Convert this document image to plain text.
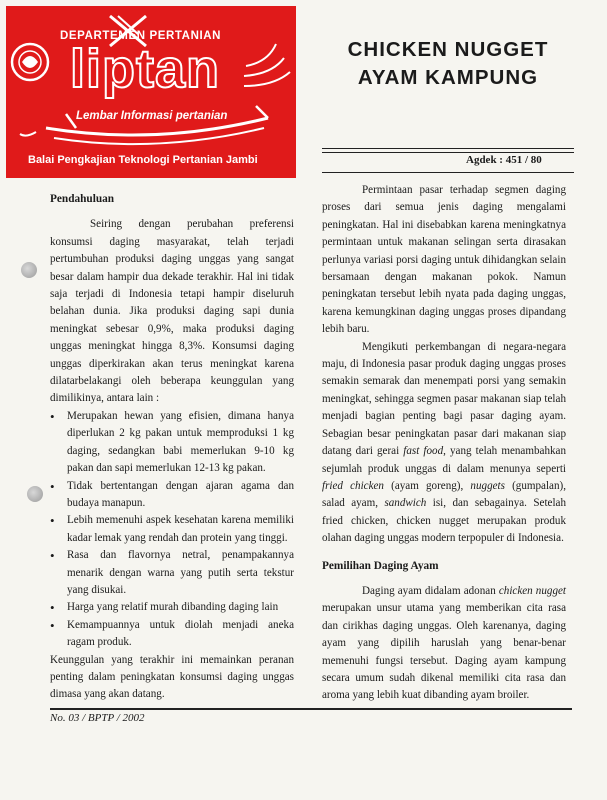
DEPARTEMEN PERTANIAN
liptan
Lembar Informasi pertanian
Balai Pengkajian Teknologi Pertanian Jambi
CHICKEN NUGGET
AYAM KAMPUNG
Agdek : 451 / 80
Pendahuluan

Seiring dengan perubahan preferensi konsumsi daging masyarakat, telah terjadi pertumbuhan produksi daging unggas yang sangat besar dalam hampir dua dekade terakhir. Hal ini tidak saja terjadi di Indonesia tetapi hampir diseluruh belahan dunia. Jika produksi daging sapi dunia meningkat sebesar 0,9%, maka produksi daging unggas meningkat hingga 8,3%. Konsumsi daging unggas diperkirakan akan terus meningkat karena dilatarbelakangi oleh beberapa keunggulan yang dimilikinya, antara lain :

• Merupakan hewan yang efisien, dimana hanya diperlukan 2 kg pakan untuk memproduksi 1 kg daging, sedangkan babi memerlukan 9-10 kg pakan dan sapi memerlukan 12-13 kg pakan.
• Tidak bertentangan dengan ajaran agama dan budaya manapun.
• Lebih memenuhi aspek kesehatan karena memiliki kadar lemak yang rendah dan protein yang tinggi.
• Rasa dan flavornya netral, penampakannya menarik dengan warna yang putih serta tekstur yang disukai.
• Harga yang relatif murah dibanding daging lain
• Kemampuannya untuk diolah menjadi aneka ragam produk.

Keunggulan yang terakhir ini memainkan peranan penting dalam peningkatan konsumsi daging unggas dimasa yang akan datang.

Permintaan pasar terhadap segmen daging proses dari semua jenis daging mengalami peningkatan. Hal ini disebabkan karena meningkatnya permintaan untuk makanan selingan serta dirasakan perlunya variasi porsi daging untuk dihidangkan selain bersamaan dengan makanan pokok. Namun peningkatan tersebut lebih nyata pada daging unggas, karena kemungkinan daging unggas proses dipandang lebih baru.

Mengikuti perkembangan di negara-negara maju, di Indonesia pasar produk daging unggas proses semakin semarak dan menempati porsi yang semakin meningkat, sehingga segmen pasar makanan siap telah menjadi bagian penting bagi pasar daging ayam. Sebagian besar peningkatan pasar dari makanan siap datang dari gerai fast food, yang telah menambahkan sejumlah produk unggas di dalam menunya seperti fried chicken (ayam goreng), nuggets (gumpalan), salad ayam, sandwich isi, dan sebagainya. Setelah fried chicken, chicken nugget merupakan produk olahan daging unggas modern terpopuler di Indonesia.

Pemilihan Daging Ayam

Daging ayam didalam adonan chicken nugget merupakan unsur utama yang memberikan cita rasa dan cirikhas daging unggas. Oleh karenanya, daging ayam yang dipilih haruslah yang benar-benar memenuhi fungsi tersebut. Daging ayam kampung secara umum sudah dikenal memiliki cita rasa dan aroma yang lebih kuat dibanding ayam broiler.

No. 03 / BPTP / 2002
